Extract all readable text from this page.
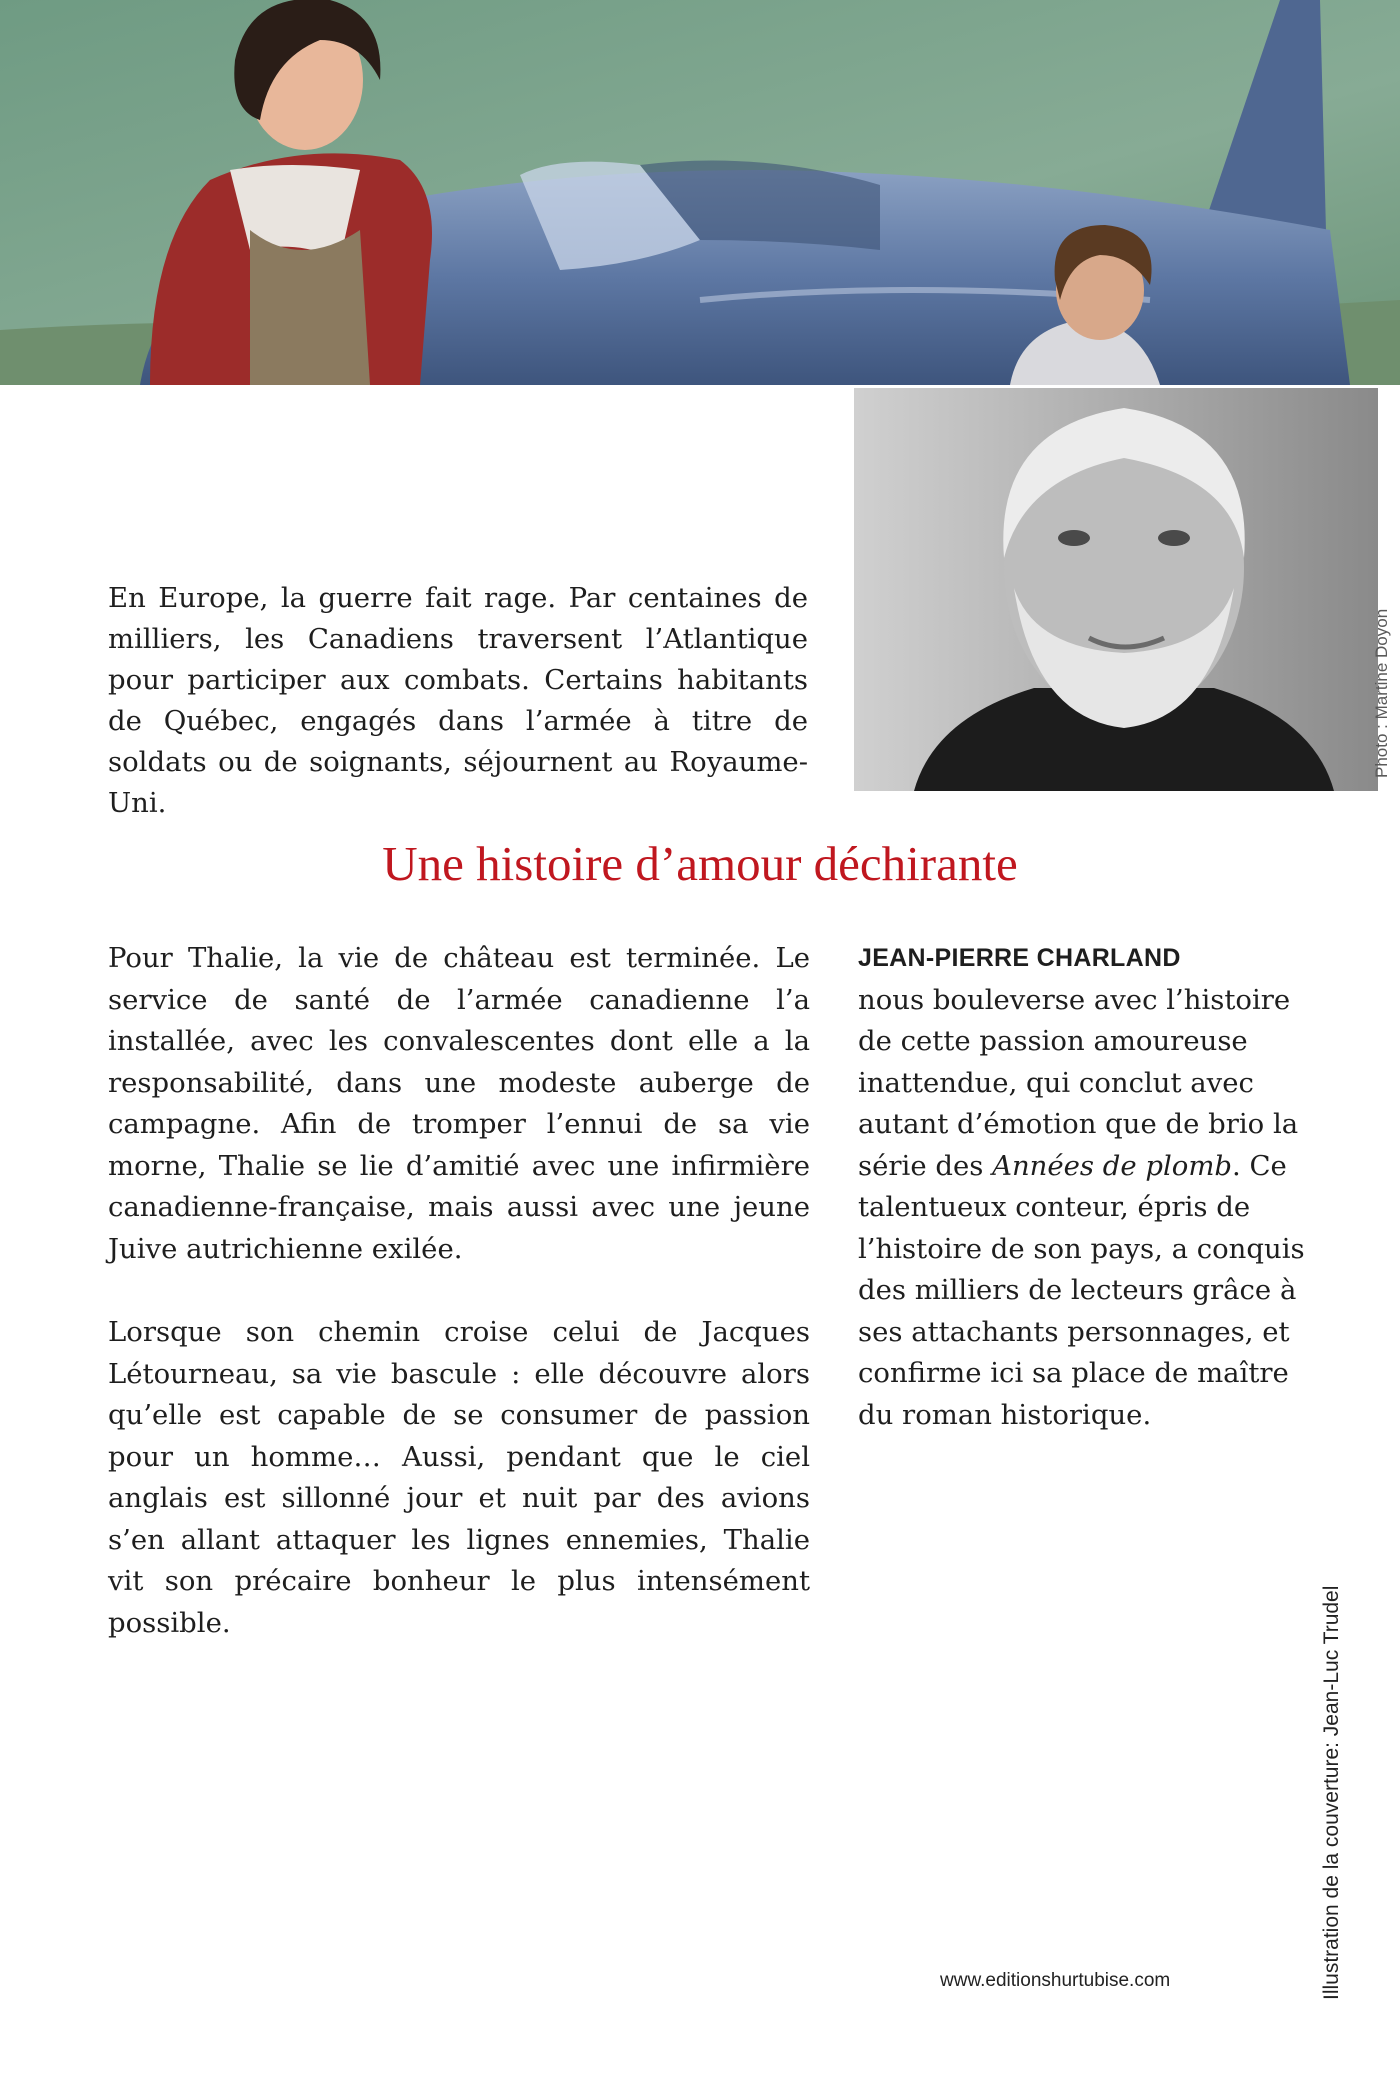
Photo : Martine Doyon

En Europe, la guerre fait rage. Par centaines de milliers, les Canadiens traversent l’Atlantique pour participer aux combats. Certains habitants de Québec, engagés dans l’armée à titre de soldats ou de soignants, séjournent au Royaume-Uni.

Une histoire d’amour déchirante

Pour Thalie, la vie de château est terminée. Le service de santé de l’armée canadienne l’a installée, avec les convalescentes dont elle a la responsabilité, dans une modeste auberge de campagne. Afin de tromper l’ennui de sa vie morne, Thalie se lie d’amitié avec une infirmière canadienne-française, mais aussi avec une jeune Juive autrichienne exilée.

Lorsque son chemin croise celui de Jacques Létourneau, sa vie bascule : elle découvre alors qu’elle est capable de se consumer de passion pour un homme… Aussi, pendant que le ciel anglais est sillonné jour et nuit par des avions s’en allant attaquer les lignes ennemies, Thalie vit son précaire bonheur le plus intensément possible.

JEAN-PIERRE CHARLAND

nous bouleverse avec l’histoire de cette passion amoureuse inattendue, qui conclut avec autant d’émotion que de brio la série des Années de plomb. Ce talentueux conteur, épris de l’histoire de son pays, a conquis des milliers de lecteurs grâce à ses attachants personnages, et confirme ici sa place de maître du roman historique.

www.editionshurtubise.com	Illustration de la couverture: Jean-Luc Trudel
